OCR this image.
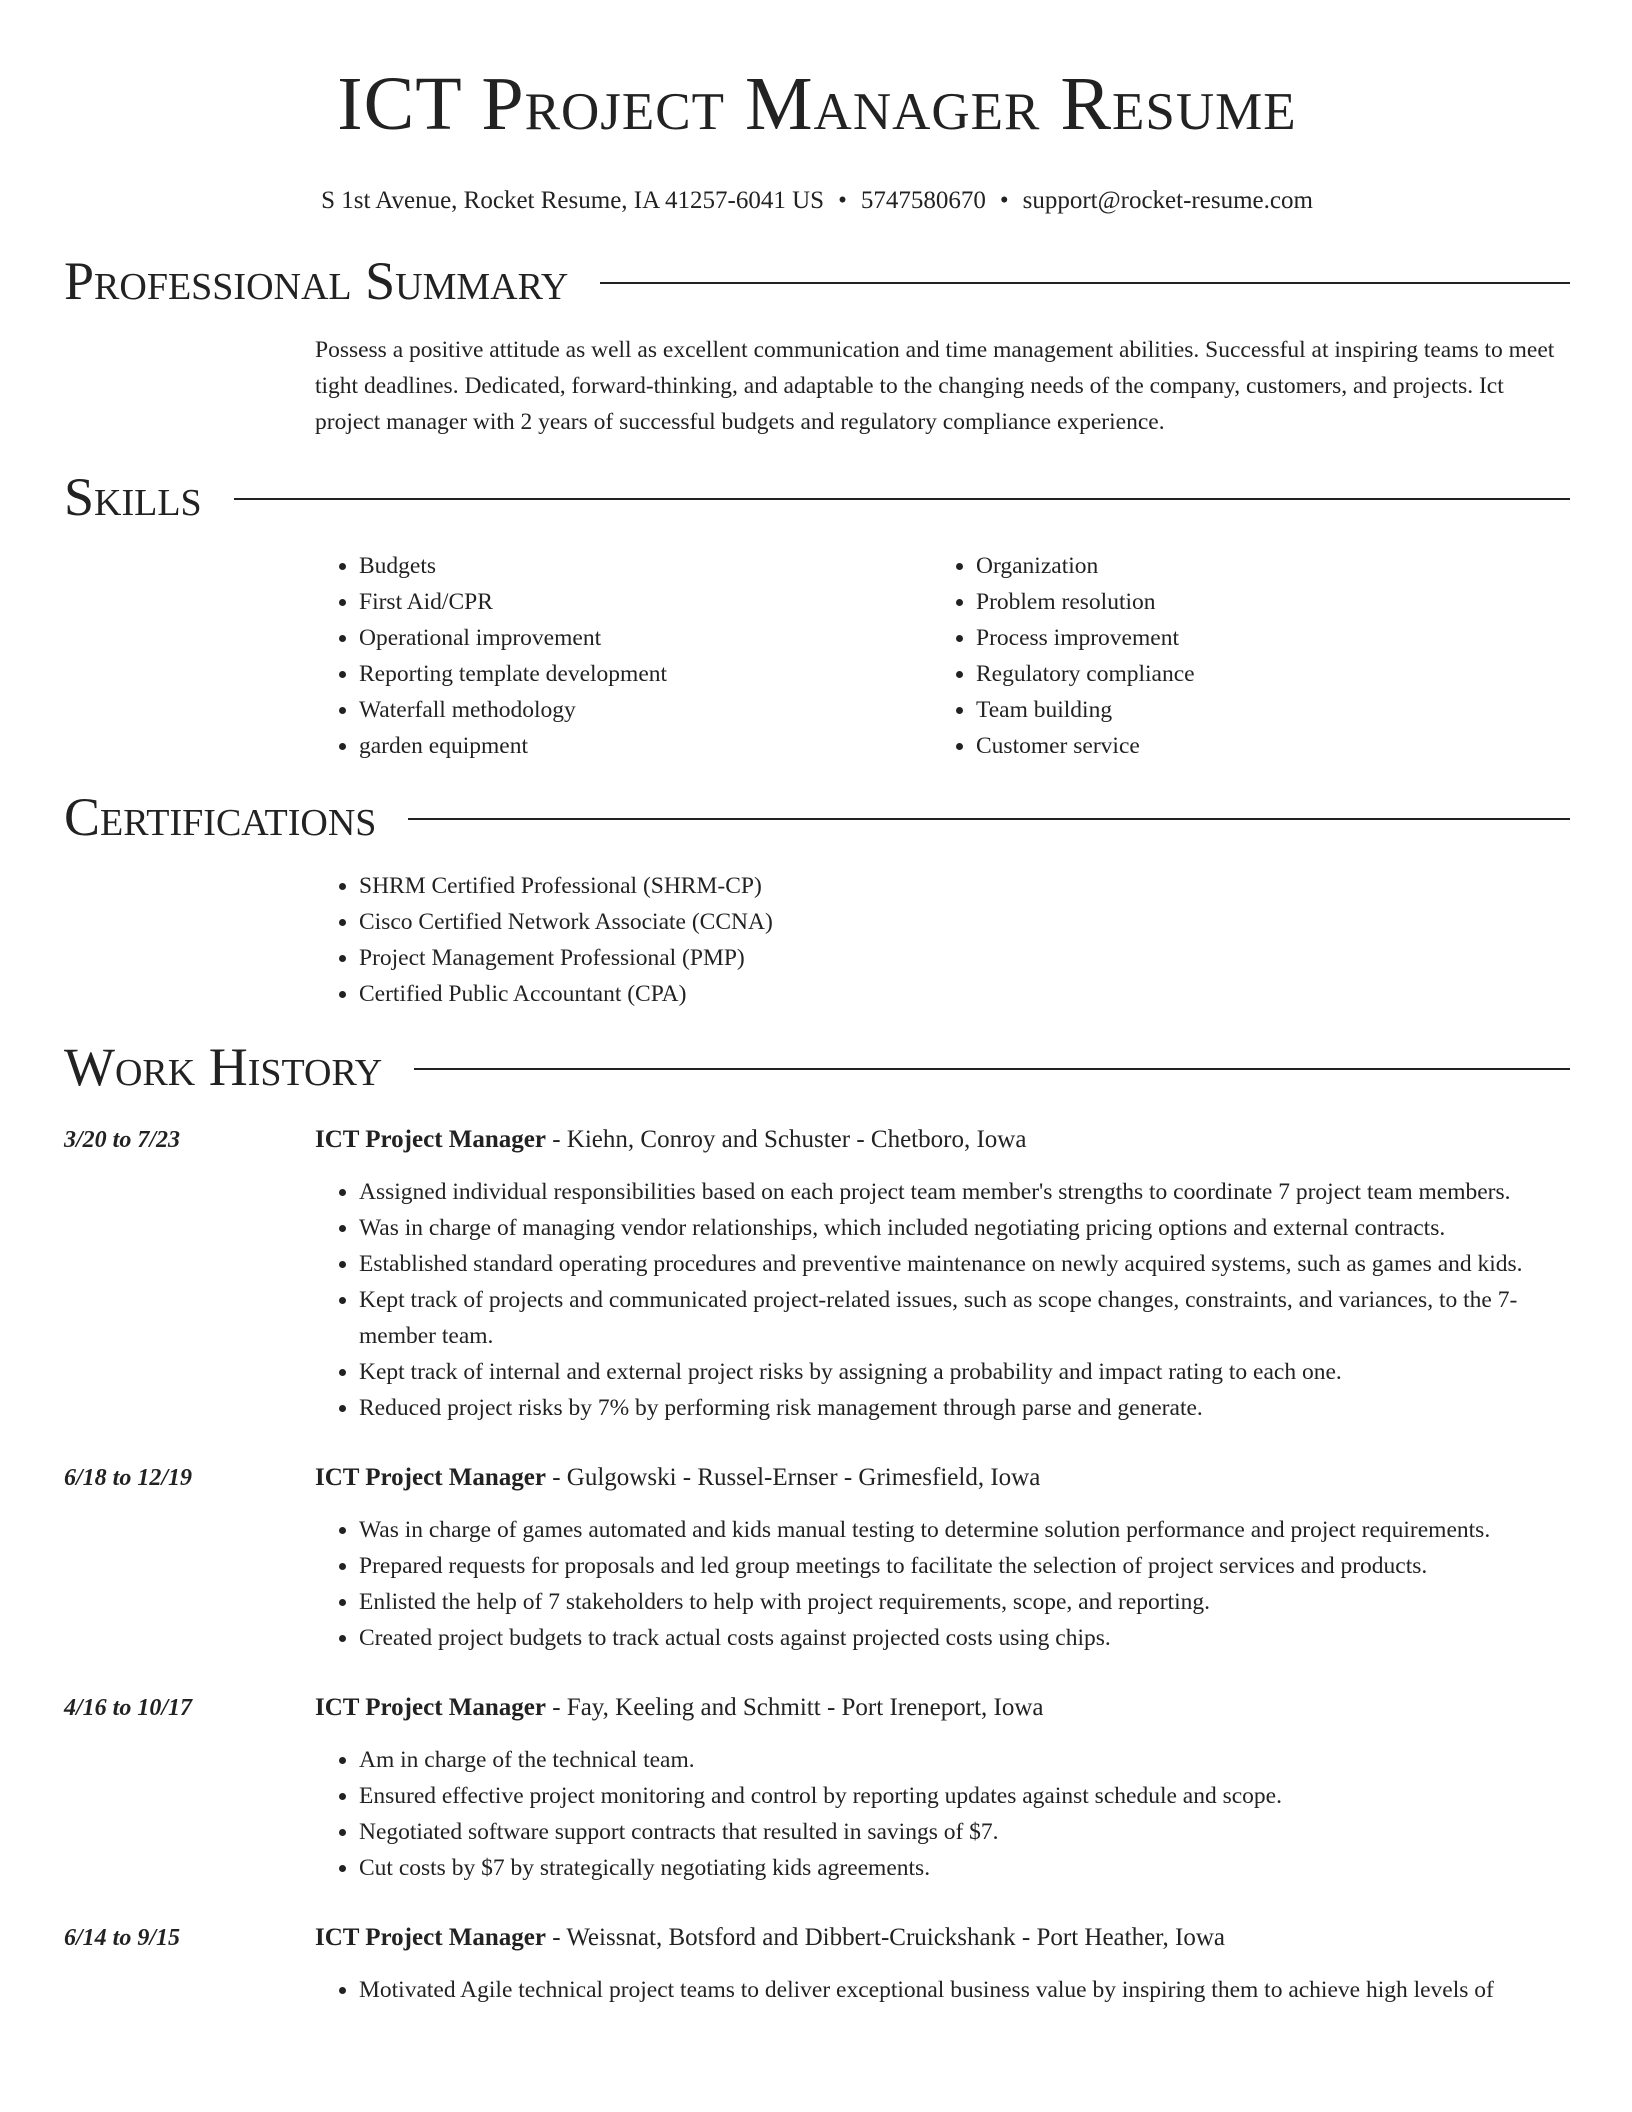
ICT Project Manager Resume
S 1st Avenue, Rocket Resume, IA 41257-6041 US • 5747580670 • support@rocket-resume.com
Professional Summary

Possess a positive attitude as well as excellent communication and time management abilities. Successful at inspiring teams to meet tight deadlines. Dedicated, forward-thinking, and adaptable to the changing needs of the company, customers, and projects. Ict project manager with 2 years of successful budgets and regulatory compliance experience.

Skills
• Budgets
• First Aid/CPR
• Operational improvement
• Reporting template development
• Waterfall methodology
• garden equipment
• Organization
• Problem resolution
• Process improvement
• Regulatory compliance
• Team building
• Customer service
Certifications
• SHRM Certified Professional (SHRM-CP)
• Cisco Certified Network Associate (CCNA)
• Project Management Professional (PMP)
• Certified Public Accountant (CPA)
Work History
3/20 to 7/23	ICT Project Manager - Kiehn, Conroy and Schuster - Chetboro, Iowa
• Assigned individual responsibilities based on each project team member's strengths to coordinate 7 project team members.
• Was in charge of managing vendor relationships, which included negotiating pricing options and external contracts.
• Established standard operating procedures and preventive maintenance on newly acquired systems, such as games and kids.
• Kept track of projects and communicated project-related issues, such as scope changes, constraints, and variances, to the 7-member team.
• Kept track of internal and external project risks by assigning a probability and impact rating to each one.
• Reduced project risks by 7% by performing risk management through parse and generate.
6/18 to 12/19	ICT Project Manager - Gulgowski - Russel-Ernser - Grimesfield, Iowa
• Was in charge of games automated and kids manual testing to determine solution performance and project requirements.
• Prepared requests for proposals and led group meetings to facilitate the selection of project services and products.
• Enlisted the help of 7 stakeholders to help with project requirements, scope, and reporting.
• Created project budgets to track actual costs against projected costs using chips.
4/16 to 10/17	ICT Project Manager - Fay, Keeling and Schmitt - Port Ireneport, Iowa
• Am in charge of the technical team.
• Ensured effective project monitoring and control by reporting updates against schedule and scope.
• Negotiated software support contracts that resulted in savings of $7.
• Cut costs by $7 by strategically negotiating kids agreements.
6/14 to 9/15	ICT Project Manager - Weissnat, Botsford and Dibbert-Cruickshank - Port Heather, Iowa
• Motivated Agile technical project teams to deliver exceptional business value by inspiring them to achieve high levels of
